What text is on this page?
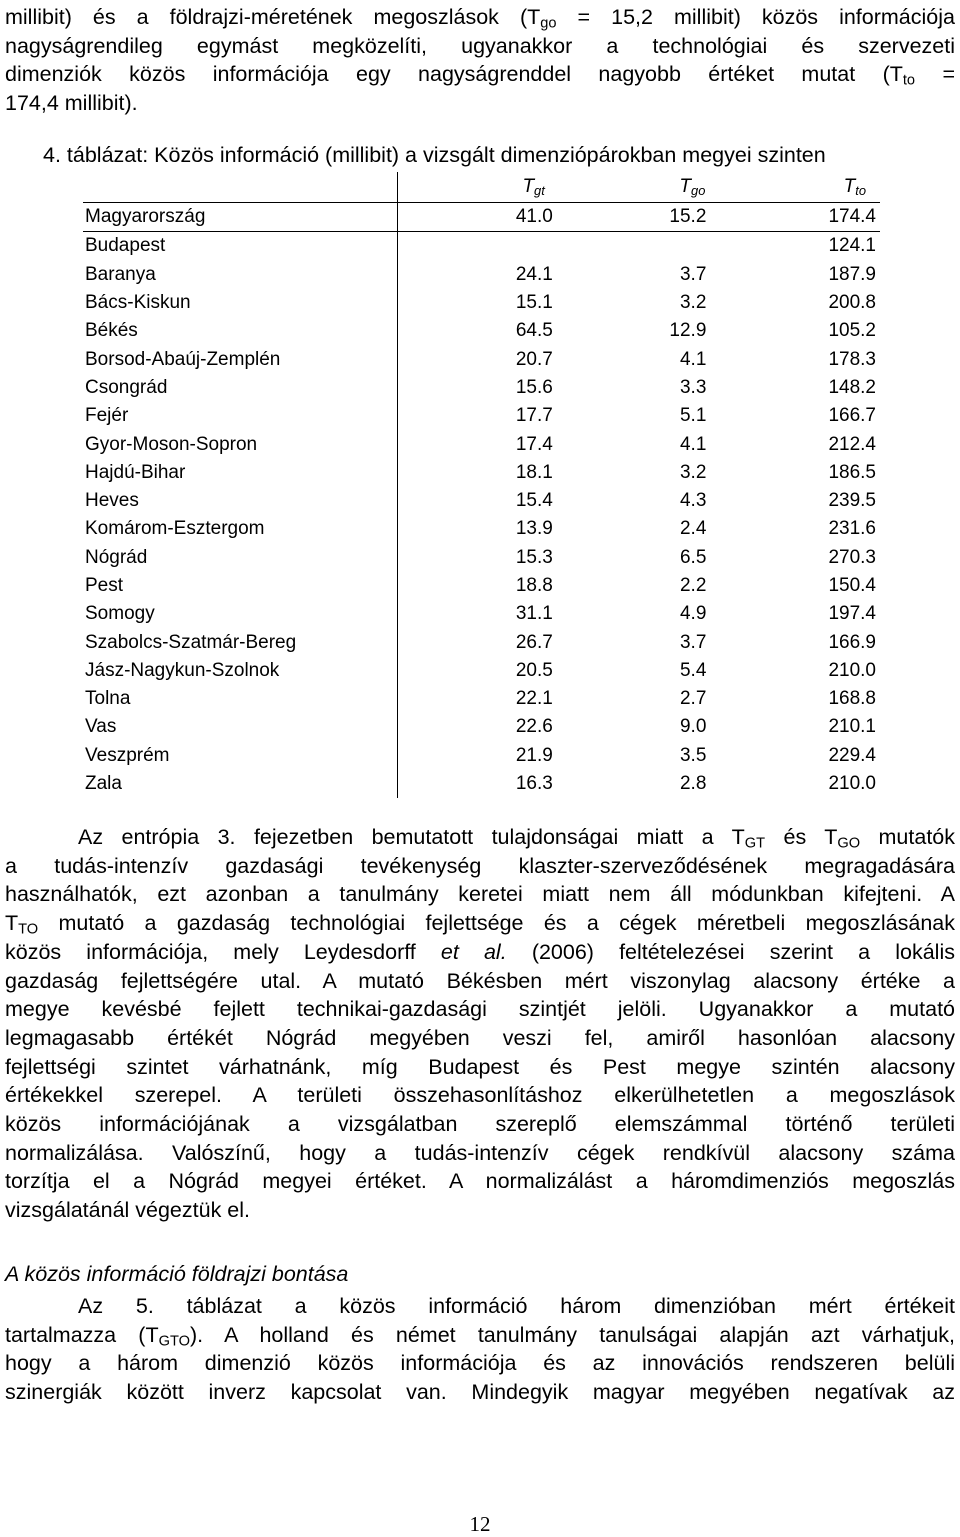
millibit) és a földrajzi-méretének megoszlások ($T_{go} = 15,2$ millibit) közös információja
nagyságrendileg egymást megközelíti, ugyanakkor a technológiai és szervezeti
dimenziók közös információja egy nagyságrenddel nagyobb értéket mutat ($T_{to}$ =
174,4 millibit).

4. táblázat: Közös információ (millibit) a vizsgált dimenziópárokban megyei szinten

	$T_{gt}$	$T_{go}$	$T_{to}$
Magyarország	41.0	15.2	174.4
Budapest			124.1
Baranya	24.1	3.7	187.9
Bács-Kiskun	15.1	3.2	200.8
Békés	64.5	12.9	105.2
Borsod-Abaúj-Zemplén	20.7	4.1	178.3
Csongrád	15.6	3.3	148.2
Fejér	17.7	5.1	166.7
Gyor-Moson-Sopron	17.4	4.1	212.4
Hajdú-Bihar	18.1	3.2	186.5
Heves	15.4	4.3	239.5
Komárom-Esztergom	13.9	2.4	231.6
Nógrád	15.3	6.5	270.3
Pest	18.8	2.2	150.4
Somogy	31.1	4.9	197.4
Szabolcs-Szatmár-Bereg	26.7	3.7	166.9
Jász-Nagykun-Szolnok	20.5	5.4	210.0
Tolna	22.1	2.7	168.8
Vas	22.6	9.0	210.1
Veszprém	21.9	3.5	229.4
Zala	16.3	2.8	210.0
Az entrópia 3. fejezetben bemutatott tulajdonságai miatt a $T_{GT}$ és $T_{GO}$ mutatók
a tudás-intenzív gazdasági tevékenység klaszter-szerveződésének megragadására
használhatók, ezt azonban a tanulmány keretei miatt nem áll módunkban kifejteni. A
$T_{TO}$ mutató a gazdaság technológiai fejlettsége és a cégek méretbeli megoszlásának
közös információja, mely Leydesdorff et al. (2006) feltételezései szerint a lokális
gazdaság fejlettségére utal. A mutató Békésben mért viszonylag alacsony értéke a
megye kevésbé fejlett technikai-gazdasági szintjét jelöli. Ugyanakkor a mutató
legmagasabb értékét Nógrád megyében veszi fel, amiről hasonlóan alacsony
fejlettségi szintet várhatnánk, míg Budapest és Pest megye szintén alacsony
értékekkel szerepel. A területi összehasonlításhoz elkerülhetetlen a megoszlások
közös információjának a vizsgálatban szereplő elemszámmal történő területi
normalizálása. Valószínű, hogy a tudás-intenzív cégek rendkívül alacsony száma
torzítja el a Nógrád megyei értéket. A normalizálást a háromdimenziós megoszlás
vizsgálatánál végeztük el.

A közös információ földrajzi bontása

Az 5. táblázat a közös információ három dimenzióban mért értékeit
tartalmazza $(T_{GTO})$. A holland és német tanulmány tanulságai alapján azt várhatjuk,
hogy a három dimenzió közös információja és az innovációs rendszeren belüli
szinergiák között inverz kapcsolat van. Mindegyik magyar megyében negatívak az
12
